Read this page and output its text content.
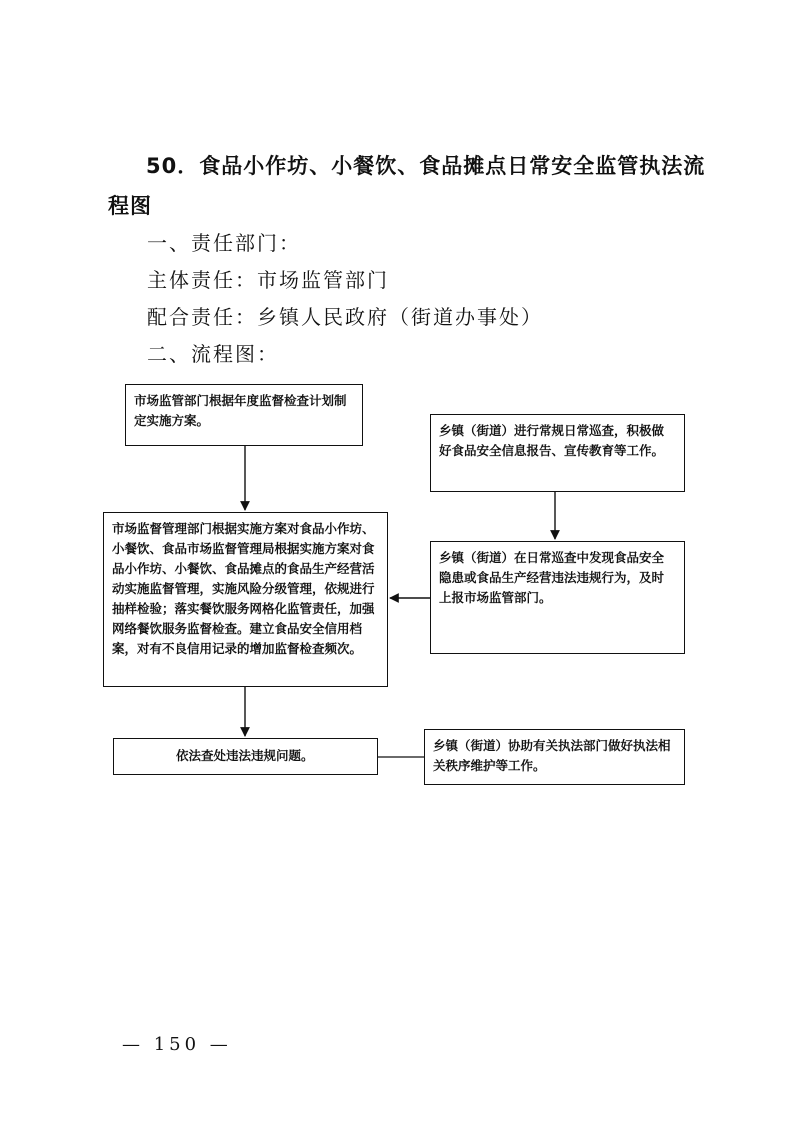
50．食品小作坊、小餐饮、食品摊点日常安全监管执法流程图
一、责任部门：
主体责任：市场监管部门
配合责任：乡镇人民政府（街道办事处）
二、流程图：
市场监管部门根据年度监督检查计划制定实施方案。
乡镇（街道）进行常规日常巡查，积极做好食品安全信息报告、宣传教育等工作。
市场监督管理部门根据实施方案对食品小作坊、小餐饮、食品市场监督管理局根据实施方案对食品小作坊、小餐饮、食品摊点的食品生产经营活动实施监督管理，实施风险分级管理，依规进行抽样检验；落实餐饮服务网格化监管责任，加强网络餐饮服务监督检查。建立食品安全信用档案，对有不良信用记录的增加监督检查频次。
乡镇（街道）在日常巡查中发现食品安全隐患或食品生产经营违法违规行为，及时上报市场监管部门。
依法查处违法违规问题。
乡镇（街道）协助有关执法部门做好执法相关秩序维护等工作。
— 150 —
